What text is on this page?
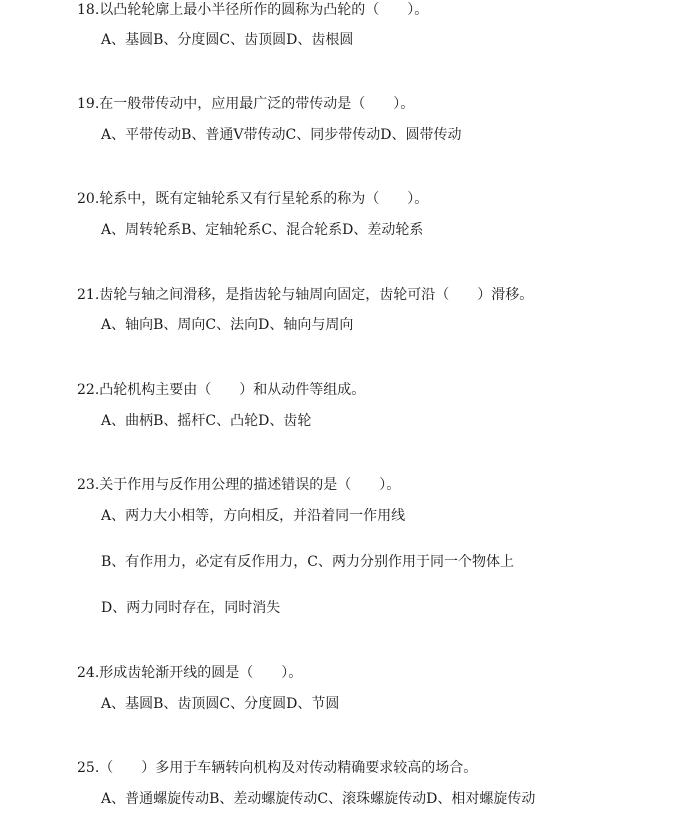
18.以凸轮轮廓上最小半径所作的圆称为凸轮的（　　）。
A、基圆B、分度圆C、齿顶圆D、齿根圆
19.在一般带传动中，应用最广泛的带传动是（　　）。
A、平带传动B、普通V带传动C、同步带传动D、圆带传动
20.轮系中，既有定轴轮系又有行星轮系的称为（　　）。
A、周转轮系B、定轴轮系C、混合轮系D、差动轮系
21.齿轮与轴之间滑移，是指齿轮与轴周向固定，齿轮可沿（　　）滑移。
A、轴向B、周向C、法向D、轴向与周向
22.凸轮机构主要由（　　）和从动件等组成。
A、曲柄B、摇杆C、凸轮D、齿轮
23.关于作用与反作用公理的描述错误的是（　　）。
A、两力大小相等，方向相反，并沿着同一作用线
B、有作用力，必定有反作用力，C、两力分别作用于同一个物体上
D、两力同时存在，同时消失
24.形成齿轮渐开线的圆是（　　）。
A、基圆B、齿顶圆C、分度圆D、节圆
25.（　　）多用于车辆转向机构及对传动精确要求较高的场合。
A、普通螺旋传动B、差动螺旋传动C、滚珠螺旋传动D、相对螺旋传动
